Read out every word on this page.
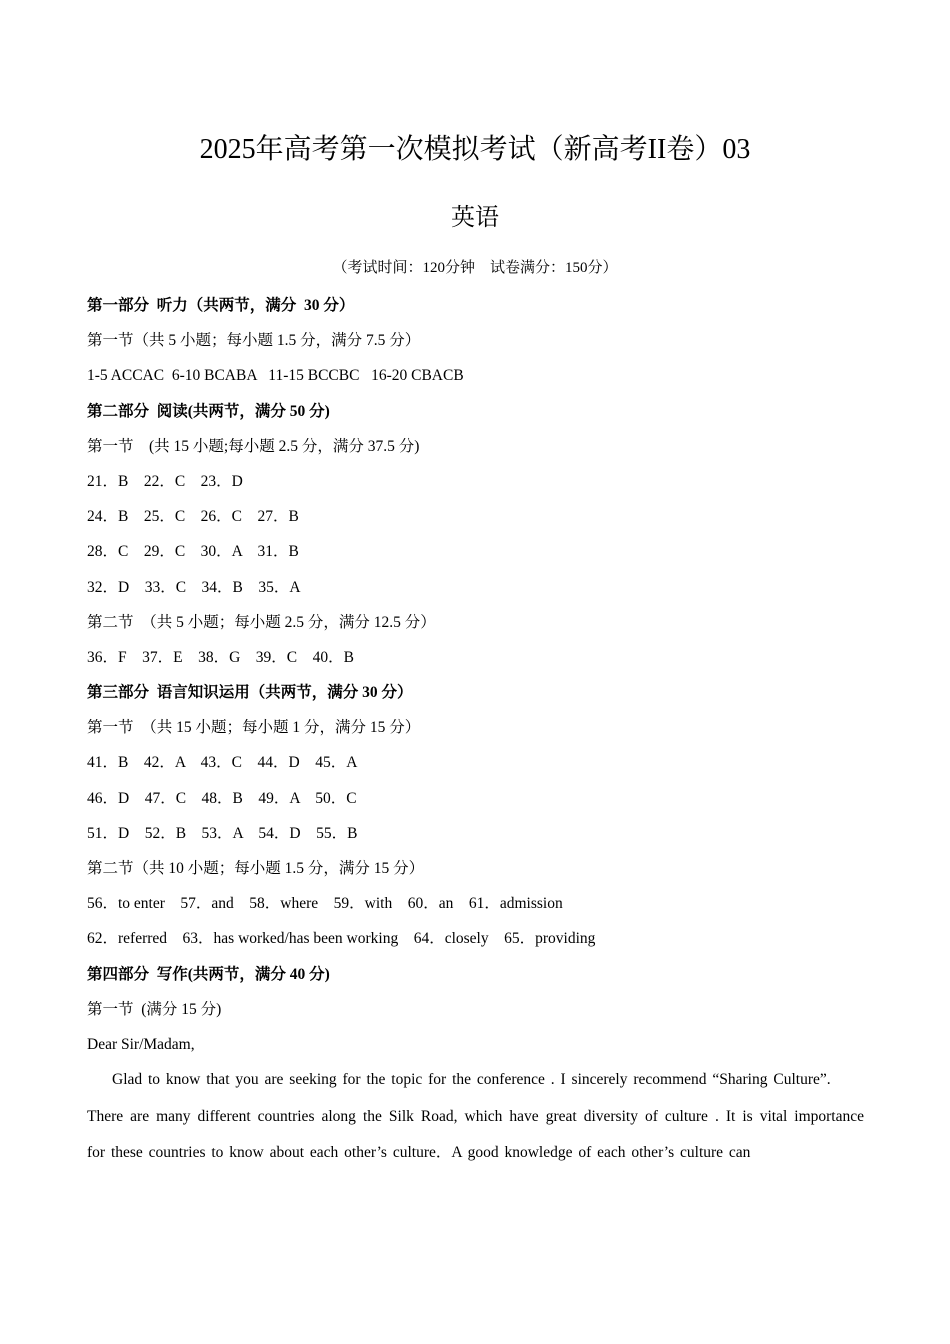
2025年高考第一次模拟考试（新高考II卷）03
英语
（考试时间：120分钟    试卷满分：150分）
第一部分  听力（共两节，满分  30 分）
第一节（共 5 小题；每小题 1.5 分，满分 7.5 分）
1-5 ACCAC  6-10 BCABA   11-15 BCCBC   16-20 CBACB
第二部分  阅读(共两节，满分 50 分)
第一节    (共 15 小题;每小题 2.5 分，满分 37.5 分)
21．B    22．C    23．D
24．B    25．C    26．C    27．B
28．C    29．C    30．A    31．B
32．D    33．C    34．B    35．A
第二节  （共 5 小题；每小题 2.5 分，满分 12.5 分）
36．F    37．E    38．G    39．C    40．B
第三部分  语言知识运用（共两节，满分 30 分）
第一节  （共 15 小题；每小题 1 分，满分 15 分）
41．B    42．A    43．C    44．D    45．A
46．D    47．C    48．B    49．A    50．C
51．D    52．B    53．A    54．D    55．B
第二节（共 10 小题；每小题 1.5 分，满分 15 分）
56．to enter    57．and    58．where    59．with    60．an    61．admission
62．referred    63．has worked/has been working    64．closely    65．providing
第四部分  写作(共两节，满分 40 分)
第一节  (满分 15 分)
Dear Sir/Madam,
Glad to know that you are seeking for the topic for the conference . I sincerely recommend “Sharing Culture”.
There are many different countries along the Silk Road, which have great diversity of culture . It is vital importance for these countries to know about each other’s culture．A good knowledge of each other’s culture can
